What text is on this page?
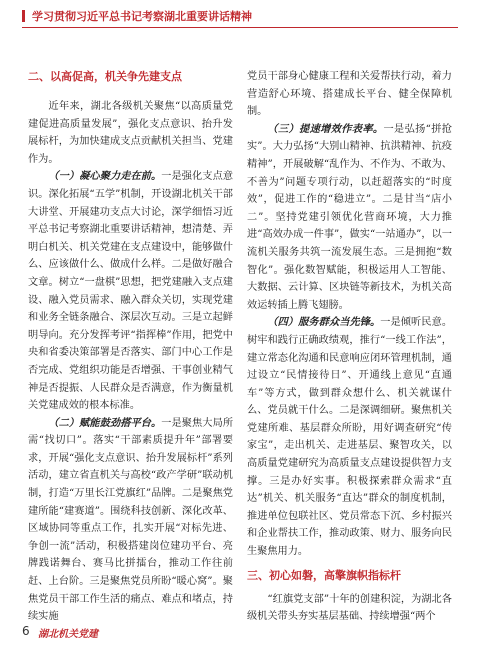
学习贯彻习近平总书记考察湖北重要讲话精神
二、以高促高，机关争先建支点

近年来，湖北各级机关聚焦“以高质量党建促进高质量发展”，强化支点意识、抬升发展标杆，为加快建成支点贡献机关担当、党建作为。

（一）凝心聚力走在前。一是强化支点意识。深化拓展“五学”机制，开设湖北机关干部大讲堂、开展建功支点大讨论，深学细悟习近平总书记考察湖北重要讲话精神，想清楚、弄明白机关、机关党建在支点建设中，能够做什么、应该做什么、做成什么样。二是做好融合文章。树立“一盘棋”思想，把党建融入支点建设、融入党员需求、融入群众关切，实现党建和业务全链条融合、深层次互动。三是立起鲜明导向。充分发挥考评“指挥棒”作用，把党中央和省委决策部署是否落实、部门中心工作是否完成、党组织功能是否增强、干事创业精气神是否提振、人民群众是否满意，作为衡量机关党建成效的根本标准。

（二）赋能鼓劲搭平台。一是聚焦大局所需“找切口”。落实“干部素质提升年”部署要求，开展“强化支点意识、抬升发展标杆”系列活动，建立省直机关与高校“政产学研”联动机制，打造“万里长江党旗红”品牌。二是聚焦党建所能“建赛道”。围绕科技创新、深化改革、区域协同等重点工作，扎实开展“对标先进、争创一流”活动，积极搭建岗位建功平台、亮牌践诺舞台、赛马比拼擂台，推动工作往前赶、上台阶。三是聚焦党员所盼“暖心窝”。聚焦党员干部工作生活的痛点、难点和堵点，持续实施

党员干部身心健康工程和关爱帮扶行动，着力营造舒心环境、搭建成长平台、健全保障机制。

（三）提速增效作表率。一是弘扬“拼抢实”。大力弘扬“大别山精神、抗洪精神、抗疫精神”，开展破解“乱作为、不作为、不敢为、不善为”问题专项行动，以赶超落实的“时度效”，促进工作的“稳进立”。二是甘当“店小二”。坚持党建引领优化营商环境，大力推进“高效办成一件事”，做实“一站通办”，以一流机关服务共筑一流发展生态。三是拥抱“数智化”。强化数智赋能，积极运用人工智能、大数据、云计算、区块链等新技术，为机关高效运转插上腾飞翅膀。

（四）服务群众当先锋。一是倾听民意。树牢和践行正确政绩观，推行“一线工作法”，建立常态化沟通和民意响应闭环管理机制，通过设立“民情接待日”、开通线上意见“直通车”等方式，做到群众想什么、机关就谋什么、党员就干什么。二是深调细研。聚焦机关党建所难、基层群众所盼，用好调查研究“传家宝”，走出机关、走进基层、聚智攻关，以高质量党建研究为高质量支点建设提供智力支撑。三是办好实事。积极探索群众需求“直达”机关、机关服务“直达”群众的制度机制，推进单位包联社区、党员常态下沉、乡村振兴和企业帮扶工作，推动政策、财力、服务向民生聚焦用力。

三、初心如磐，高擎旗帜指标杆

“红旗党支部”十年的创建积淀，为湖北各级机关带头夯实基层基础、持续增强“两个

6 湖北机关党建
